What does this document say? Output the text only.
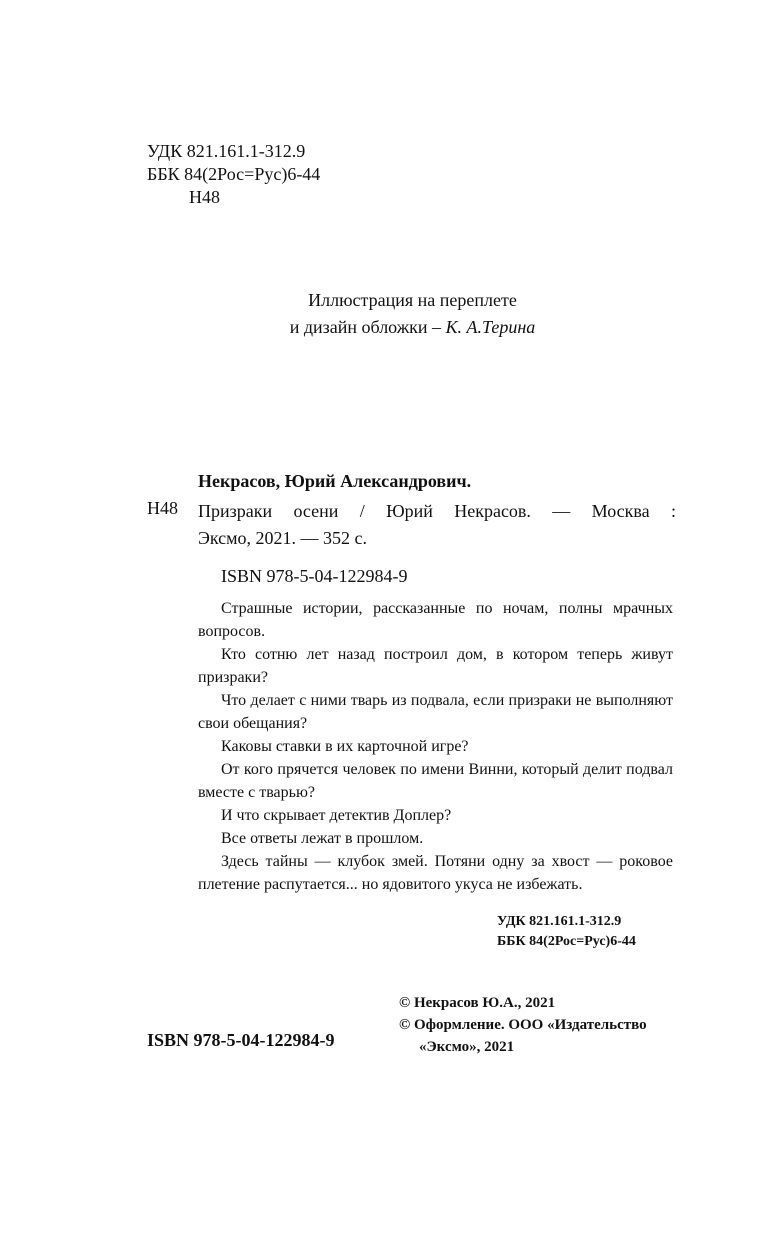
УДК 821.161.1-312.9
ББК 84(2Рос=Рус)6-44
Н48
Иллюстрация на переплете
и дизайн обложки – К. А.Терина
Некрасов, Юрий Александрович.
Н48 Призраки осени / Юрий Некрасов. — Москва :
Эксмо, 2021. — 352 с.
ISBN 978-5-04-122984-9

Страшные истории, рассказанные по ночам, полны мрачных вопросов.

Кто сотню лет назад построил дом, в котором теперь живут призраки?

Что делает с ними тварь из подвала, если призраки не выполняют свои обещания?

Каковы ставки в их карточной игре?

От кого прячется человек по имени Винни, который делит подвал вместе с тварью?

И что скрывает детектив Доплер?

Все ответы лежат в прошлом.

Здесь тайны — клубок змей. Потяни одну за хвост — роковое плетение распутается... но ядовитого укуса не избежать.

УДК 821.161.1-312.9
ББК 84(2Рос=Рус)6-44
© Некрасов Ю.А., 2021
© Оформление. ООО «Издательство
«Эксмо», 2021
ISBN 978-5-04-122984-9
